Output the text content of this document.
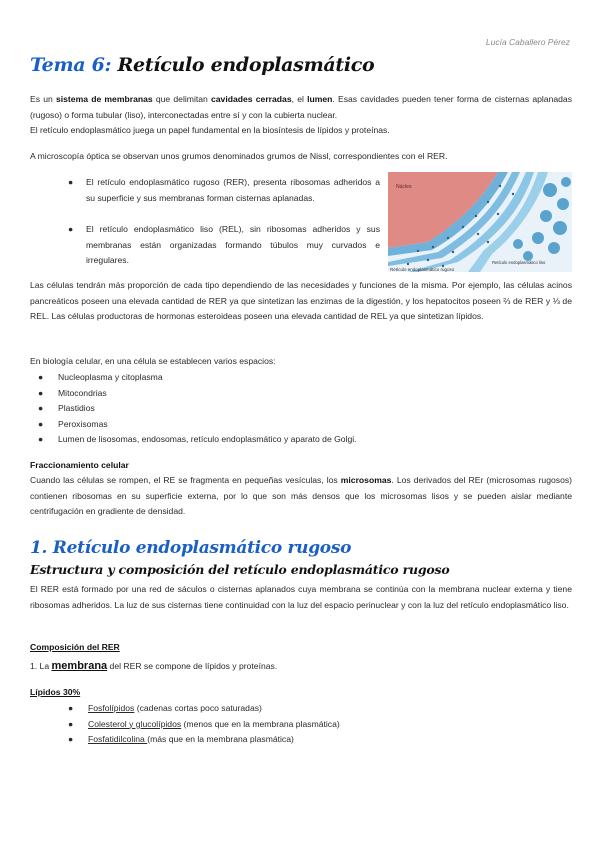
Lucía Caballero Pérez
Tema 6: Retículo endoplasmático
Es un sistema de membranas que delimitan cavidades cerradas, el lumen. Esas cavidades pueden tener forma de cisternas aplanadas (rugoso) o forma tubular (liso), interconectadas entre sí y con la cubierta nuclear.
El retículo endoplasmático juega un papel fundamental en la biosíntesis de lípidos y proteínas.
A microscopía óptica se observan unos grumos denominados grumos de Nissl, correspondientes con el RER.
● El retículo endoplasmático rugoso (RER), presenta ribosomas adheridos a su superficie y sus membranas forman cisternas aplanadas.
● El retículo endoplasmático liso (REL), sin ribosomas adheridos y sus membranas están organizadas formando túbulos muy curvados e irregulares.
Núcleo
Retículo endoplasmático rugoso
Retículo endoplasmático liso
Las células tendrán más proporción de cada tipo dependiendo de las necesidades y funciones de la misma. Por ejemplo, las células acinos pancreáticos poseen una elevada cantidad de RER ya que sintetizan las enzimas de la digestión, y los hepatocitos poseen ⅔ de RER y ⅓ de REL. Las células productoras de hormonas esteroideas poseen una elevada cantidad de REL ya que sintetizan lípidos.
En biología celular, en una célula se establecen varios espacios:
● Nucleoplasma y citoplasma
● Mitocondrias
● Plastidios
● Peroxisomas
● Lumen de lisosomas, endosomas, retículo endoplasmático y aparato de Golgi.
Fraccionamiento celular
Cuando las células se rompen, el RE se fragmenta en pequeñas vesículas, los microsomas. Los derivados del REr (microsomas rugosos) contienen ribosomas en su superficie externa, por lo que son más densos que los microsomas lisos y se pueden aislar mediante centrifugación en gradiente de densidad.
1. Retículo endoplasmático rugoso
Estructura y composición del retículo endoplasmático rugoso
El RER está formado por una red de sáculos o cisternas aplanados cuya membrana se continúa con la membrana nuclear externa y tiene ribosomas adheridos. La luz de sus cisternas tiene continuidad con la luz del espacio perinuclear y con la luz del retículo endoplasmático liso.
Composición del RER
1. La membrana del RER se compone de lípidos y proteínas.
Lípidos 30%
● Fosfolípidos (cadenas cortas poco saturadas)
● Colesterol y glucolípidos (menos que en la membrana plasmática)
● Fosfatidilcolina (más que en la membrana plasmática)
